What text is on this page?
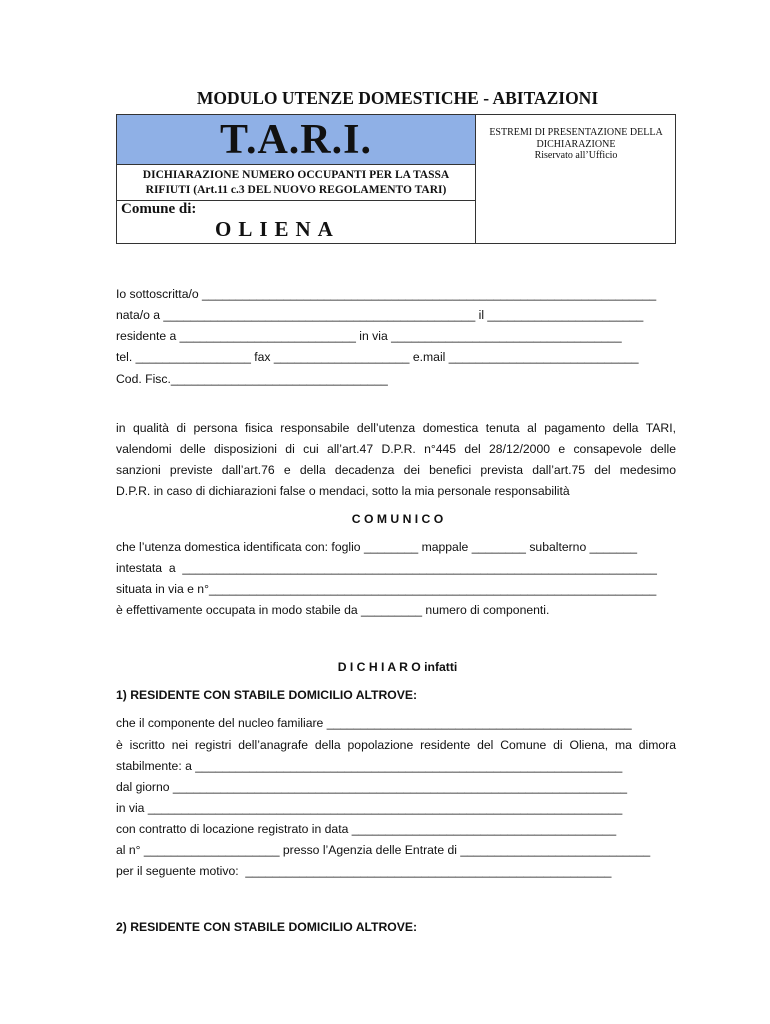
MODULO UTENZE DOMESTICHE - ABITAZIONI
T.A.R.I.
DICHIARAZIONE NUMERO OCCUPANTI PER LA TASSA
RIFIUTI (Art.11 c.3 DEL NUOVO REGOLAMENTO TARI)
Comune di:
OLIENA
ESTREMI DI PRESENTAZIONE DELLA
DICHIARAZIONE
Riservato all’Ufficio
Io sottoscritta/o ___________________________________________________________________
nata/o a ______________________________________________ il _______________________
residente a __________________________ in via __________________________________
tel. _________________ fax ____________________ e.mail ____________________________
Cod. Fisc.________________________________
in qualità di persona fisica responsabile dell’utenza domestica tenuta al pagamento della TARI,
valendomi delle disposizioni di cui all’art.47 D.P.R. n°445 del 28/12/2000 e consapevole delle
sanzioni previste dall’art.76 e della decadenza dei benefici prevista dall’art.75 del medesimo
D.P.R. in caso di dichiarazioni false o mendaci, sotto la mia personale responsabilità
C O M U N I C O
che l’utenza domestica identificata con: foglio ________ mappale ________ subalterno _______
intestata  a  ______________________________________________________________________
situata in via e n°__________________________________________________________________
è effettivamente occupata in modo stabile da _________ numero di componenti.
D I C H I A R O infatti
1) RESIDENTE CON STABILE DOMICILIO ALTROVE:
che il componente del nucleo familiare _____________________________________________
è iscritto nei registri dell’anagrafe della popolazione residente del Comune di Oliena, ma dimora
stabilmente: a _______________________________________________________________
dal giorno ___________________________________________________________________
in via ______________________________________________________________________
con contratto di locazione registrato in data _______________________________________
al n° ____________________ presso l’Agenzia delle Entrate di ____________________________
per il seguente motivo:  ______________________________________________________
2) RESIDENTE CON STABILE DOMICILIO ALTROVE:
